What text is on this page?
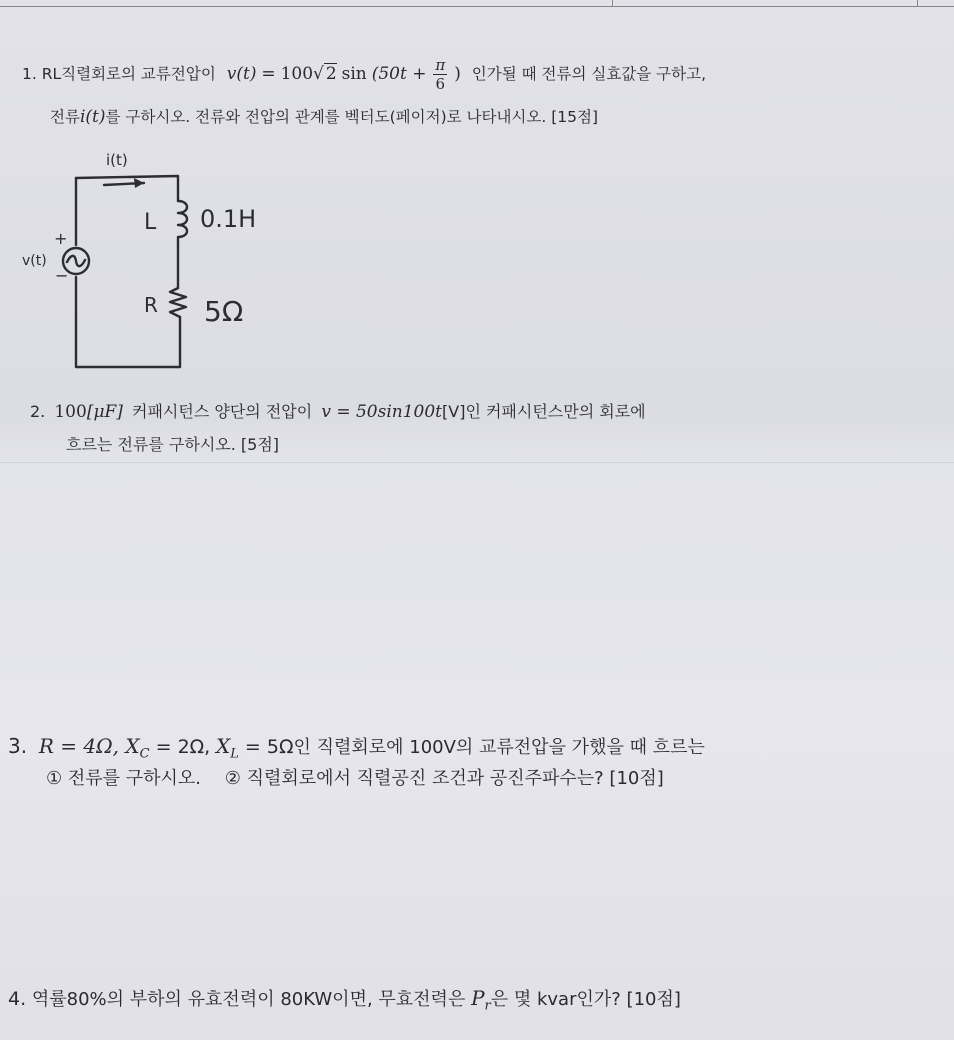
1. RL직렬회로의 교류전압이 v(t) = 100√ 2 $\sin (50t + \frac{\pi}{6}$ ) 인가될 때 전류의 실효값을 구하고,
전류i(t)를 구하시오. 전류와 전압의 관계를 벡터도(페이저)로 나타내시오. [15점]
i(t)
v(t)
+
−
L 0.1H
R 5Ω
2. 100[μF] 커패시턴스 양단의 전압이 v = 50sin100t[V]인 커패시턴스만의 회로에
흐르는 전류를 구하시오. [5점]
3. R = 4Ω, $X_C = 2\Omega$, $X_L = 5\Omega$인 직렬회로에 100V의 교류전압을 가했을 때 흐르는
① 전류를 구하시오. ② 직렬회로에서 직렬공진 조건과 공진주파수는? [10점]
4. 역률80%의 부하의 유효전력이 80KW이면, 무효전력은 $P_r$은 몇 kvar인가? [10점]
